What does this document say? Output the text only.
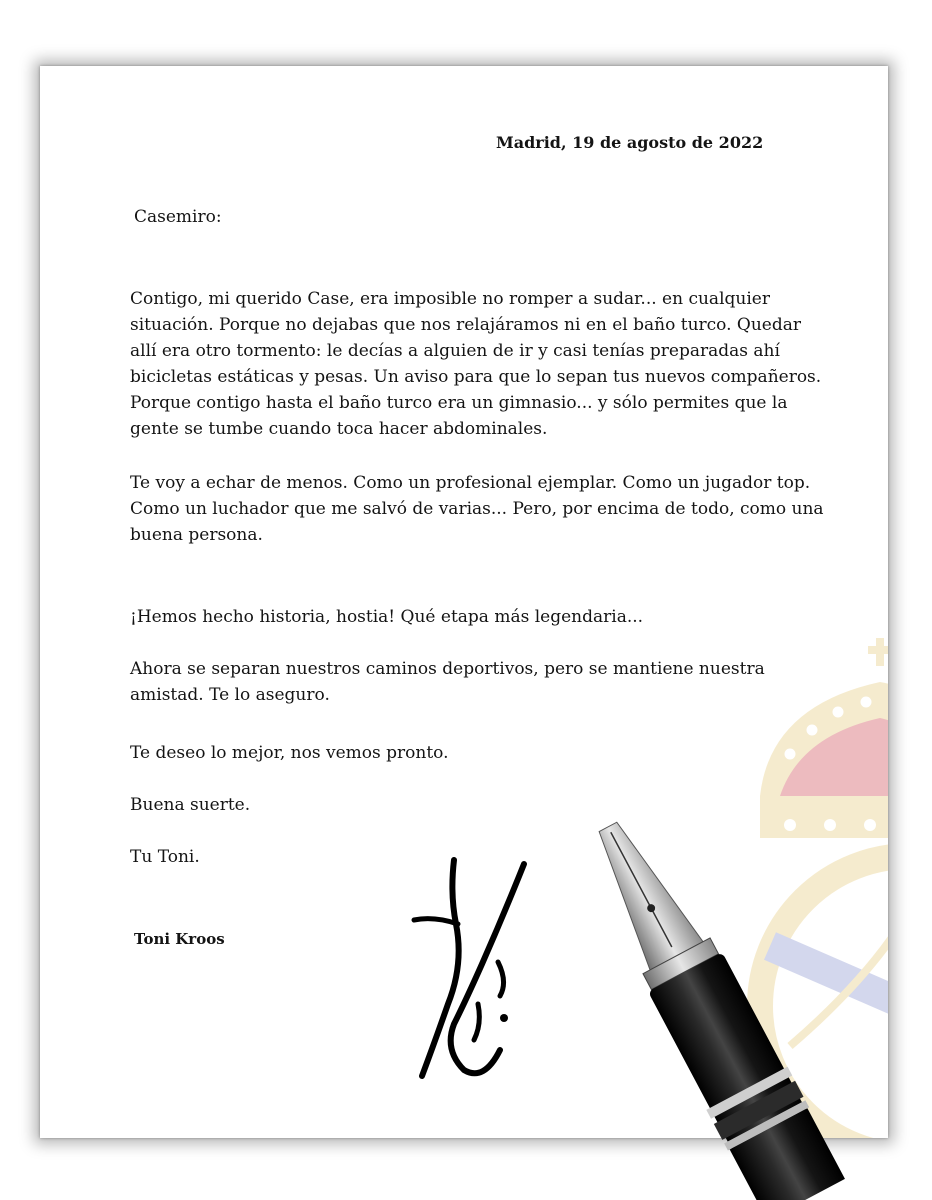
Madrid, 19 de agosto de 2022
Casemiro:
Contigo, mi querido Case, era imposible no romper a sudar... en cualquier situación. Porque no dejabas que nos relajáramos ni en el baño turco. Quedar allí era otro tormento: le decías a alguien de ir y casi tenías preparadas ahí bicicletas estáticas y pesas. Un aviso para que lo sepan tus nuevos compañeros. Porque contigo hasta el baño turco era un gimnasio... y sólo permites que la gente se tumbe cuando toca hacer abdominales.
Te voy a echar de menos. Como un profesional ejemplar. Como un jugador top. Como un luchador que me salvó de varias... Pero, por encima de todo, como una buena persona.
¡Hemos hecho historia, hostia! Qué etapa más legendaria...
Ahora se separan nuestros caminos deportivos, pero se mantiene nuestra amistad. Te lo aseguro.
Te deseo lo mejor, nos vemos pronto.
Buena suerte.
Tu Toni.
Toni Kroos
